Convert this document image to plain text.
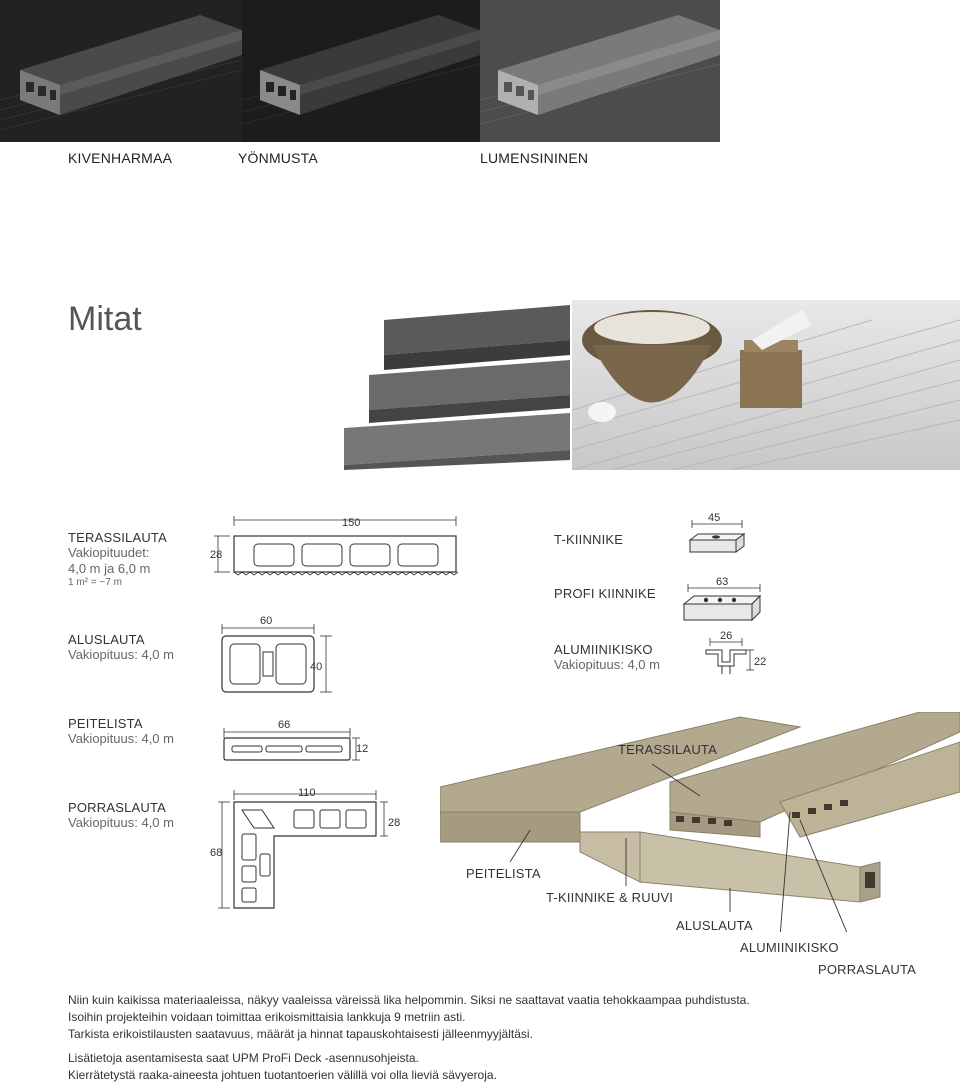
KIVENHARMAA	YÖNMUSTA	LUMENSININEN
Mitat
TERASSILAUTA
Vakiopituudet:
4,0 m ja 6,0 m
1 m² = ~7 m
150
28
ALUSLAUTA
Vakiopituus: 4,0 m
60
40
PEITELISTA
Vakiopituus: 4,0 m
66
12
PORRASLAUTA
Vakiopituus: 4,0 m
110
68
28
T-KIINNIKE
45
PROFI KIINNIKE
63
ALUMIINIKISKO
Vakiopituus: 4,0 m
26
22
TERASSILAUTA
PEITELISTA
T-KIINNIKE & RUUVI
ALUSLAUTA
ALUMIINIKISKO
PORRASLAUTA
Niin kuin kaikissa materiaaleissa, näkyy vaaleissa väreissä lika helpommin. Siksi ne saattavat vaatia tehokkaampaa puhdistusta.
Isoihin projekteihin voidaan toimittaa erikoismittaisia lankkuja 9 metriin asti.
Tarkista erikoistilausten saatavuus, määrät ja hinnat tapauskohtaisesti jälleenmyyjältäsi.
Lisätietoja asentamisesta saat UPM ProFi Deck -asennusohjeista.
Kierrätetystä raaka-aineesta johtuen tuotantoerien välillä voi olla lieviä sävyeroja.
